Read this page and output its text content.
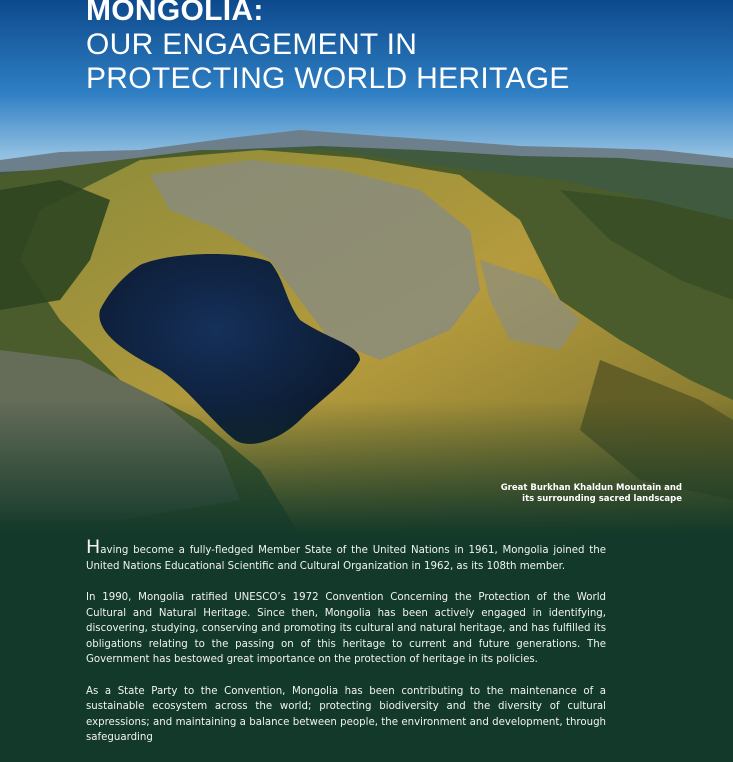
MONGOLIA:
OUR ENGAGEMENT IN
PROTECTING WORLD HERITAGE
Great Burkhan Khaldun Mountain and
its surrounding sacred landscape

Having become a fully-fledged Member State of the United Nations in 1961, Mongolia joined the United Nations Educational Scientific and Cultural Organization in 1962, as its 108th member.

In 1990, Mongolia ratified UNESCO’s 1972 Convention Concerning the Protection of the World Cultural and Natural Heritage. Since then, Mongolia has been actively engaged in identifying, discovering, studying, conserving and promoting its cultural and natural heritage, and has fulfilled its obligations relating to the passing on of this heritage to current and future generations. The Government has bestowed great importance on the protection of heritage in its policies.

As a State Party to the Convention, Mongolia has been contributing to the maintenance of a sustainable ecosystem across the world; protecting biodiversity and the diversity of cultural expressions; and maintaining a balance between people, the environment and development, through safeguarding
